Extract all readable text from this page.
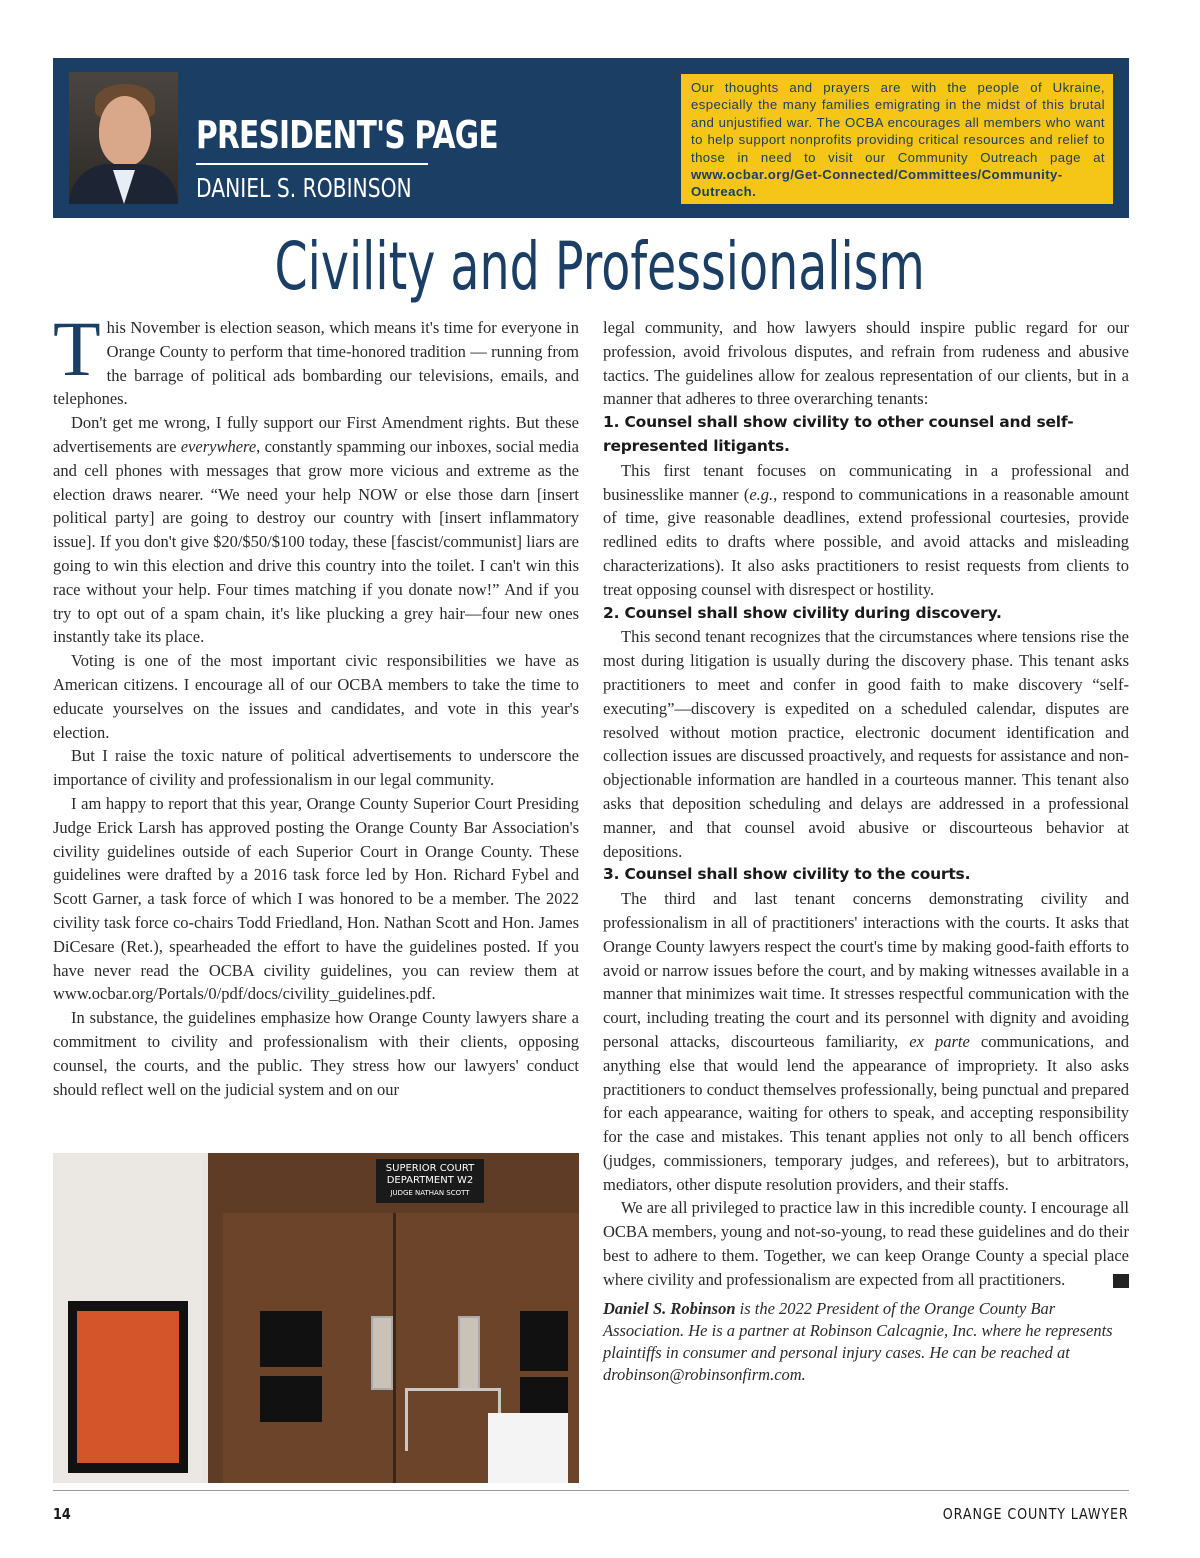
PRESIDENT'S PAGE
DANIEL S. ROBINSON
Our thoughts and prayers are with the people of Ukraine, especially the many families emigrating in the midst of this brutal and unjustified war. The OCBA encourages all members who want to help support nonprofits providing critical resources and relief to those in need to visit our Community Outreach page at www.ocbar.org/Get-Connected/Committees/Community-Outreach.
Civility and Professionalism

This November is election season, which means it's time for everyone in Orange County to perform that time-honored tradition — running from the barrage of political ads bombarding our televisions, emails, and telephones.

Don't get me wrong, I fully support our First Amendment rights. But these advertisements are everywhere, constantly spamming our inboxes, social media and cell phones with messages that grow more vicious and extreme as the election draws nearer. “We need your help NOW or else those darn [insert political party] are going to destroy our country with [insert inflammatory issue]. If you don't give $20/$50/$100 today, these [fascist/communist] liars are going to win this election and drive this country into the toilet. I can't win this race without your help. Four times matching if you donate now!” And if you try to opt out of a spam chain, it's like plucking a grey hair—four new ones instantly take its place.

Voting is one of the most important civic responsibilities we have as American citizens. I encourage all of our OCBA members to take the time to educate yourselves on the issues and candidates, and vote in this year's election.

But I raise the toxic nature of political advertisements to underscore the importance of civility and professionalism in our legal community.

I am happy to report that this year, Orange County Superior Court Presiding Judge Erick Larsh has approved posting the Orange County Bar Association's civility guidelines outside of each Superior Court in Orange County. These guidelines were drafted by a 2016 task force led by Hon. Richard Fybel and Scott Garner, a task force of which I was honored to be a member. The 2022 civility task force co-chairs Todd Friedland, Hon. Nathan Scott and Hon. James DiCesare (Ret.), spearheaded the effort to have the guidelines posted. If you have never read the OCBA civility guidelines, you can review them at www.ocbar.org/Portals/0/pdf/docs/civility_guidelines.pdf.

In substance, the guidelines emphasize how Orange County lawyers share a commitment to civility and professionalism with their clients, opposing counsel, the courts, and the public. They stress how our lawyers' conduct should reflect well on the judicial system and on our

SUPERIOR COURT
DEPARTMENT W2
JUDGE NATHAN SCOTT

legal community, and how lawyers should inspire public regard for our profession, avoid frivolous disputes, and refrain from rudeness and abusive tactics. The guidelines allow for zealous representation of our clients, but in a manner that adheres to three overarching tenants:

1. Counsel shall show civility to other counsel and self-represented litigants.

This first tenant focuses on communicating in a professional and businesslike manner (e.g., respond to communications in a reasonable amount of time, give reasonable deadlines, extend professional courtesies, provide redlined edits to drafts where possible, and avoid attacks and misleading characterizations). It also asks practitioners to resist requests from clients to treat opposing counsel with disrespect or hostility.

2. Counsel shall show civility during discovery.

This second tenant recognizes that the circumstances where tensions rise the most during litigation is usually during the discovery phase. This tenant asks practitioners to meet and confer in good faith to make discovery “self-executing”—discovery is expedited on a scheduled calendar, disputes are resolved without motion practice, electronic document identification and collection issues are discussed proactively, and requests for assistance and non-objectionable information are handled in a courteous manner. This tenant also asks that deposition scheduling and delays are addressed in a professional manner, and that counsel avoid abusive or discourteous behavior at depositions.

3. Counsel shall show civility to the courts.

The third and last tenant concerns demonstrating civility and professionalism in all of practitioners' interactions with the courts. It asks that Orange County lawyers respect the court's time by making good-faith efforts to avoid or narrow issues before the court, and by making witnesses available in a manner that minimizes wait time. It stresses respectful communication with the court, including treating the court and its personnel with dignity and avoiding personal attacks, discourteous familiarity, ex parte communications, and anything else that would lend the appearance of impropriety. It also asks practitioners to conduct themselves professionally, being punctual and prepared for each appearance, waiting for others to speak, and accepting responsibility for the case and mistakes. This tenant applies not only to all bench officers (judges, commissioners, temporary judges, and referees), but to arbitrators, mediators, other dispute resolution providers, and their staffs.

We are all privileged to practice law in this incredible county. I encourage all OCBA members, young and not-so-young, to read these guidelines and do their best to adhere to them. Together, we can keep Orange County a special place where civility and professionalism are expected from all practitioners.

Daniel S. Robinson is the 2022 President of the Orange County Bar Association. He is a partner at Robinson Calcagnie, Inc. where he represents plaintiffs in consumer and personal injury cases. He can be reached at drobinson@robinsonfirm.com.

14	ORANGE COUNTY LAWYER
